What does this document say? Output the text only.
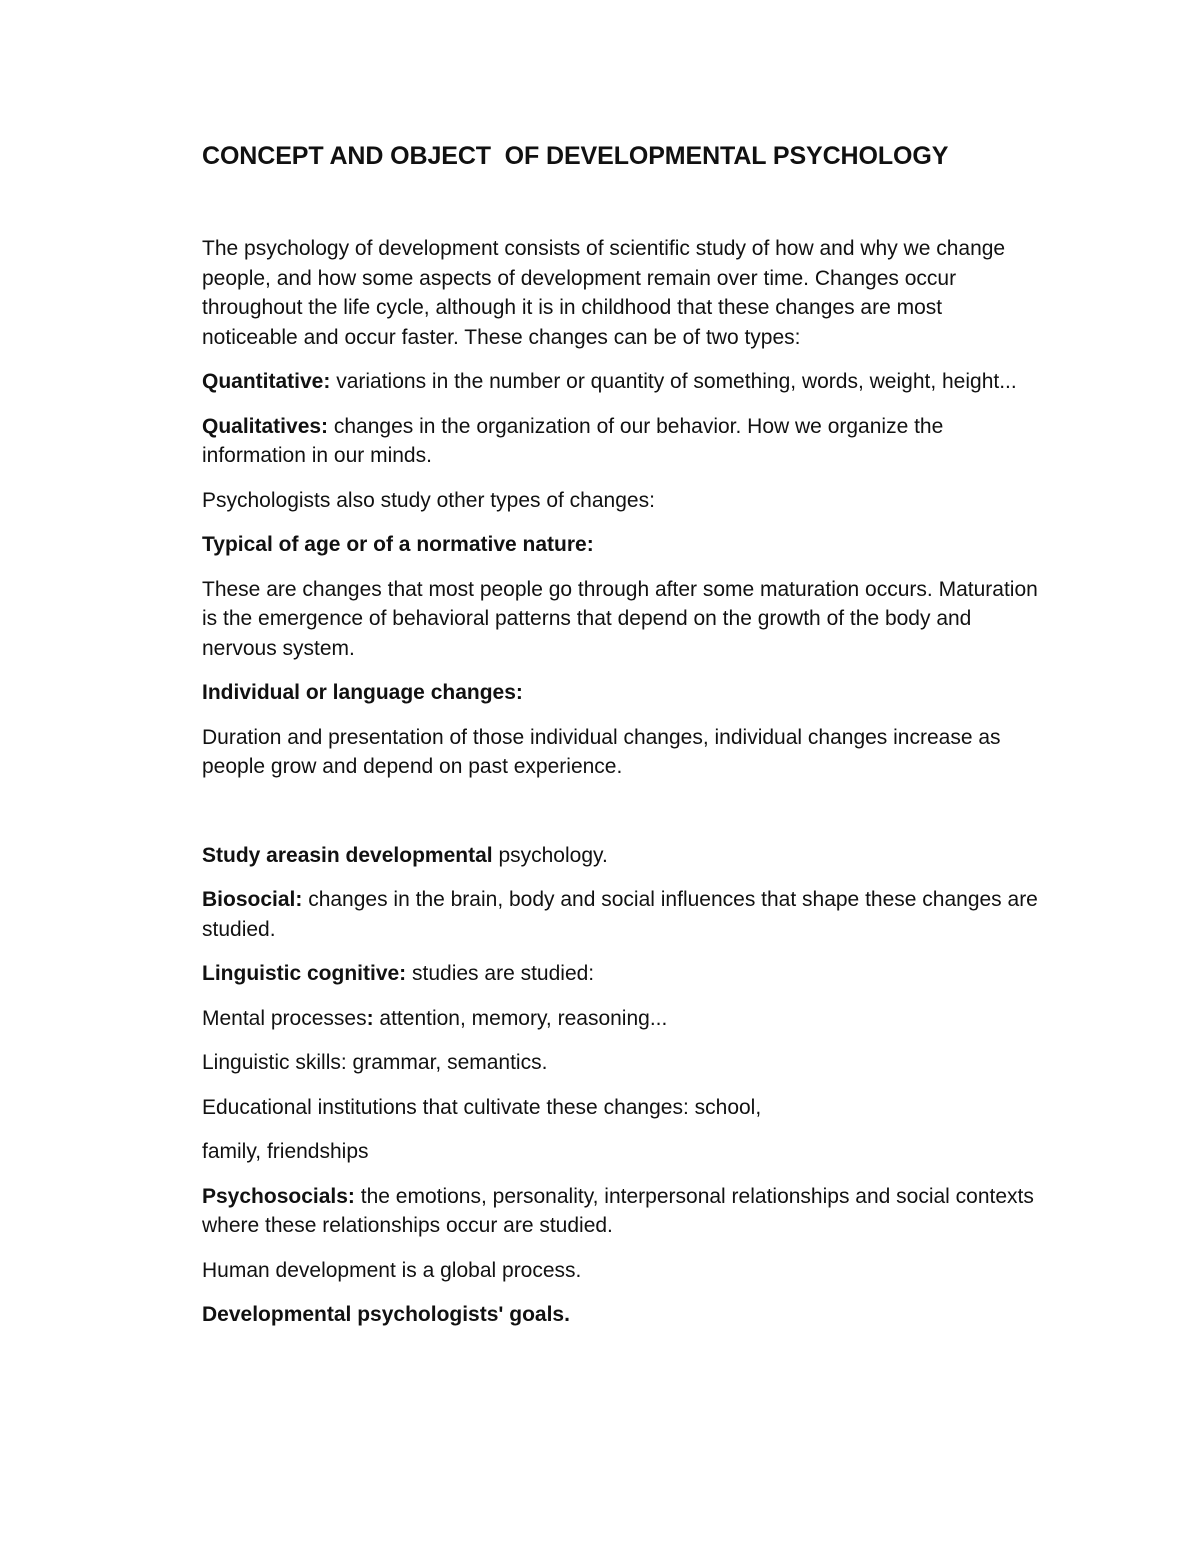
CONCEPT AND OBJECT  OF DEVELOPMENTAL PSYCHOLOGY

The psychology of development consists of scientific study of how and why we change people, and how some aspects of development remain over time. Changes occur throughout the life cycle, although it is in childhood that these changes are most noticeable and occur faster. These changes can be of two types:

Quantitative: variations in the number or quantity of something, words, weight, height...

Qualitatives: changes in the organization of our behavior. How we organize the information in our minds.

Psychologists also study other types of changes:

Typical of age or of a normative nature:

These are changes that most people go through after some maturation occurs. Maturation is the emergence of behavioral patterns that depend on the growth of the body and nervous system.

Individual or language changes:

Duration and presentation of those individual changes, individual changes increase as people grow and depend on past experience.

Study areasin developmental psychology.

Biosocial: changes in the brain, body and social influences that shape these changes are studied.

Linguistic cognitive: studies are studied:

Mental processes: attention, memory, reasoning...

Linguistic skills: grammar, semantics.

Educational institutions that cultivate these changes: school,

family, friendships

Psychosocials: the emotions, personality, interpersonal relationships and social contexts where these relationships occur are studied.

Human development is a global process.

Developmental psychologists' goals.
